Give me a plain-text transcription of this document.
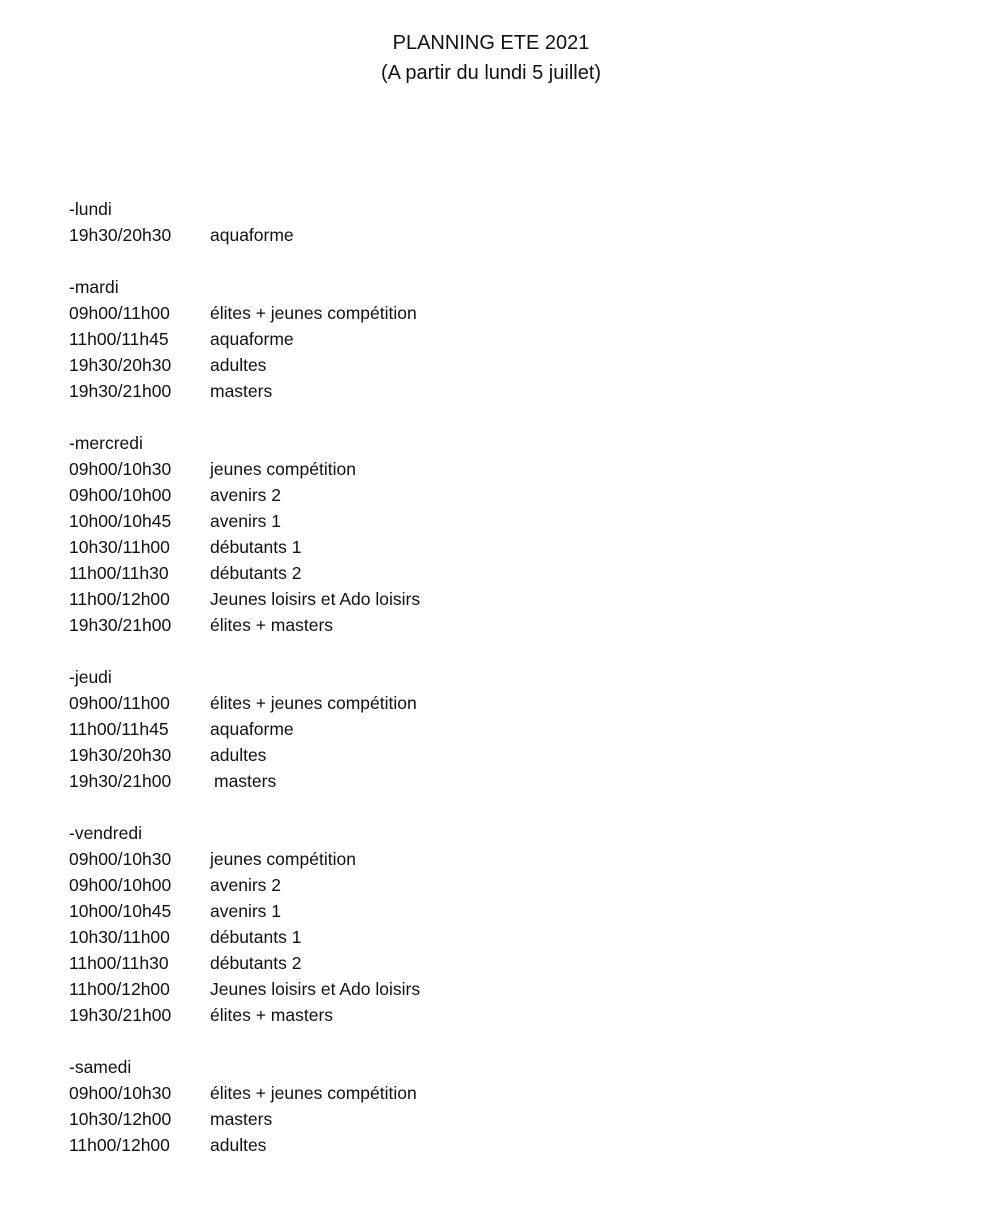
PLANNING ETE 2021
(A partir du lundi 5 juillet)
-lundi
19h30/20h30	aquaforme
-mardi
09h00/11h00	élites + jeunes compétition
11h00/11h45	aquaforme
19h30/20h30	adultes
19h30/21h00	masters
-mercredi
09h00/10h30	jeunes compétition
09h00/10h00	avenirs 2
10h00/10h45	avenirs 1
10h30/11h00	débutants 1
11h00/11h30	débutants 2
11h00/12h00	Jeunes loisirs et Ado loisirs
19h30/21h00	élites + masters
-jeudi
09h00/11h00	élites + jeunes compétition
11h00/11h45	aquaforme
19h30/20h30	adultes
19h30/21h00	masters
-vendredi
09h00/10h30	jeunes compétition
09h00/10h00	avenirs 2
10h00/10h45	avenirs 1
10h30/11h00	débutants 1
11h00/11h30	débutants 2
11h00/12h00	Jeunes loisirs et Ado loisirs
19h30/21h00	élites + masters
-samedi
09h00/10h30	élites + jeunes compétition
10h30/12h00	masters
11h00/12h00	adultes
